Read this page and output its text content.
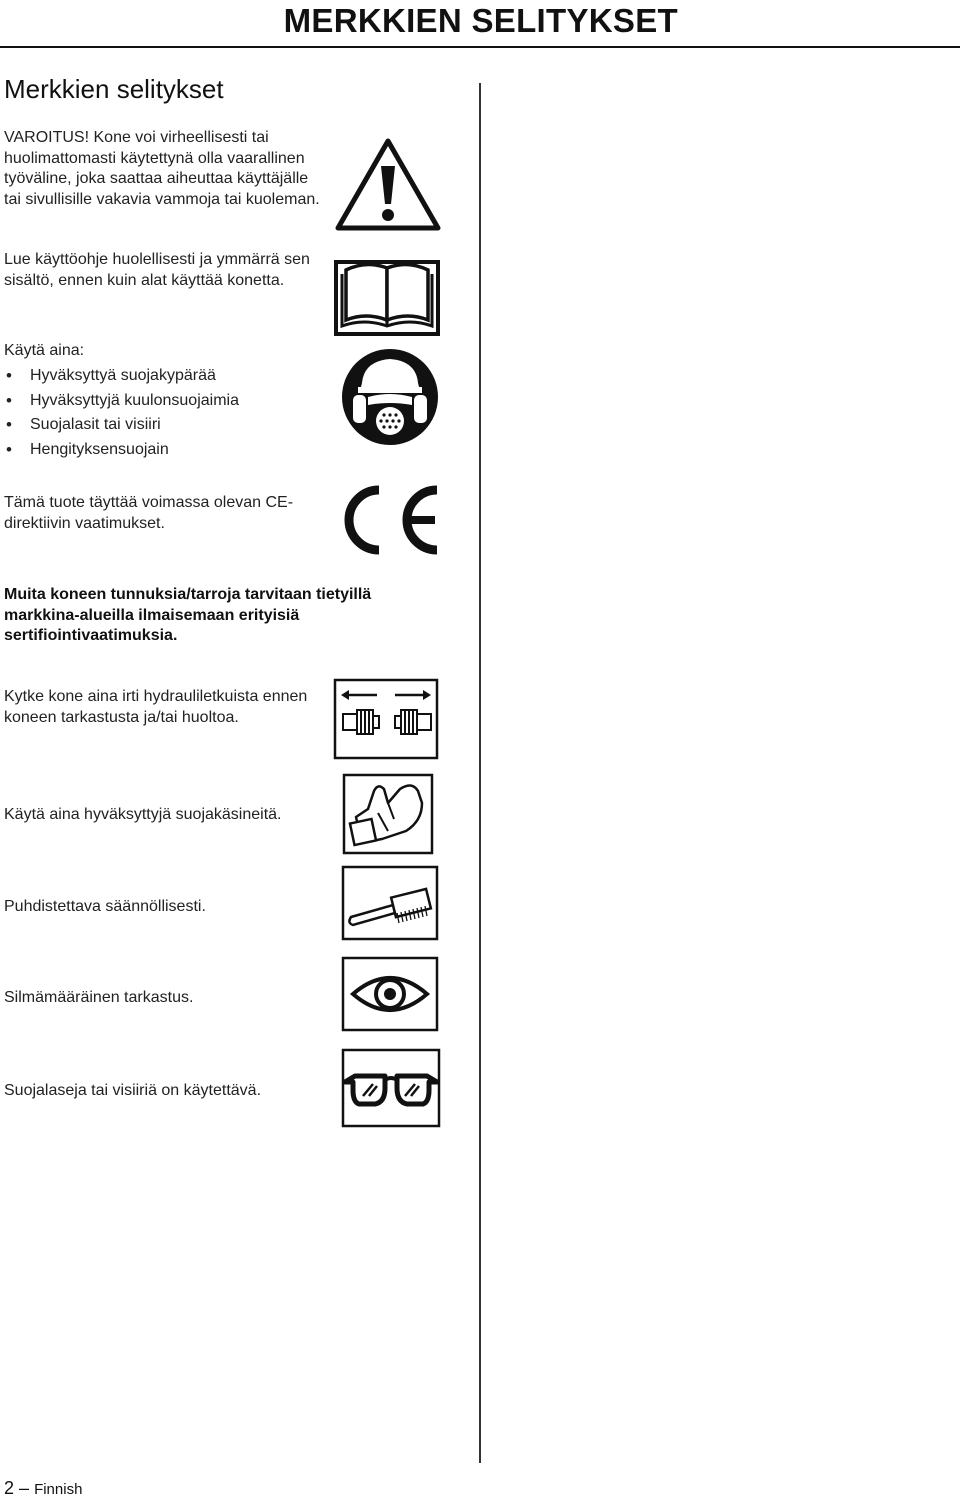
MERKKIEN SELITYKSET
Merkkien selitykset

VAROITUS! Kone voi virheellisesti tai huolimattomasti käytettynä olla vaarallinen työväline, joka saattaa aiheuttaa käyttäjälle tai sivullisille vakavia vammoja tai kuoleman.

Lue käyttöohje huolellisesti ja ymmärrä sen sisältö, ennen kuin alat käyttää konetta.

Käytä aina:
• Hyväksyttyä suojakypärää
• Hyväksyttyjä kuulonsuojaimia
• Suojalasit tai visiiri
• Hengityksensuojain

Tämä tuote täyttää voimassa olevan CE-direktiivin vaatimukset.

Muita koneen tunnuksia/tarroja tarvitaan tietyillä markkina-alueilla ilmaisemaan erityisiä sertifiointivaatimuksia.

Kytke kone aina irti hydrauliletkuista ennen koneen tarkastusta ja/tai huoltoa.

Käytä aina hyväksyttyjä suojakäsineitä.

Puhdistettava säännöllisesti.

Silmämääräinen tarkastus.

Suojalaseja tai visiiriä on käytettävä.

2 – Finnish
